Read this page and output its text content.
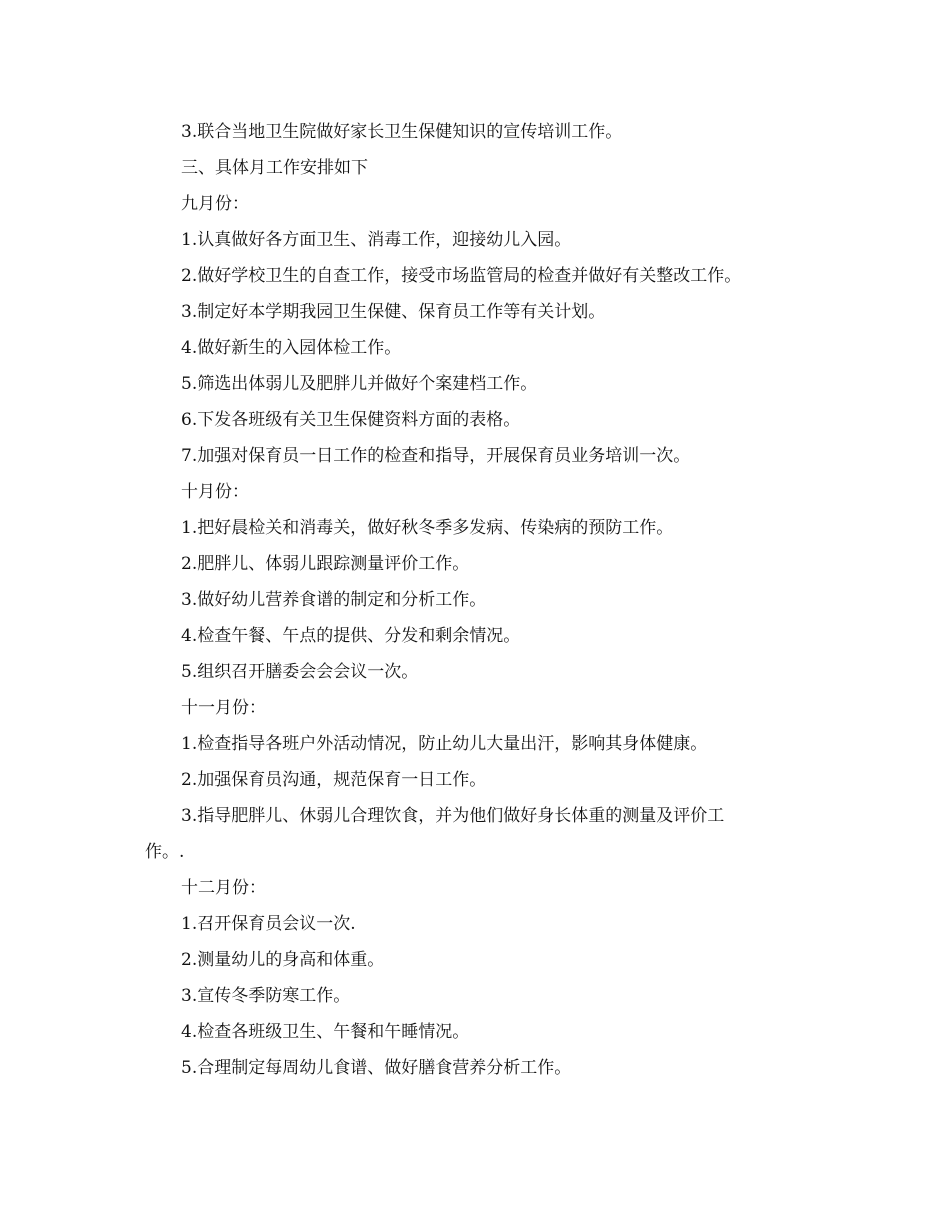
3.联合当地卫生院做好家长卫生保健知识的宣传培训工作。
三、具体月工作安排如下
九月份：
1.认真做好各方面卫生、消毒工作，迎接幼儿入园。
2.做好学校卫生的自查工作，接受市场监管局的检查并做好有关整改工作。
3.制定好本学期我园卫生保健、保育员工作等有关计划。
4.做好新生的入园体检工作。
5.筛选出体弱儿及肥胖儿并做好个案建档工作。
6.下发各班级有关卫生保健资料方面的表格。
7.加强对保育员一日工作的检查和指导，开展保育员业务培训一次。
十月份：
1.把好晨检关和消毒关，做好秋冬季多发病、传染病的预防工作。
2.肥胖儿、体弱儿跟踪测量评价工作。
3.做好幼儿营养食谱的制定和分析工作。
4.检查午餐、午点的提供、分发和剩余情况。
5.组织召开膳委会会会议一次。
十一月份：
1.检查指导各班户外活动情况，防止幼儿大量出汗，影响其身体健康。
2.加强保育员沟通，规范保育一日工作。
3.指导肥胖儿、休弱儿合理饮食，并为他们做好身长体重的测量及评价工
作。.
十二月份：
1.召开保育员会议一次.
2.测量幼儿的身高和体重。
3.宣传冬季防寒工作。
4.检查各班级卫生、午餐和午睡情况。
5.合理制定每周幼儿食谱、做好膳食营养分析工作。
